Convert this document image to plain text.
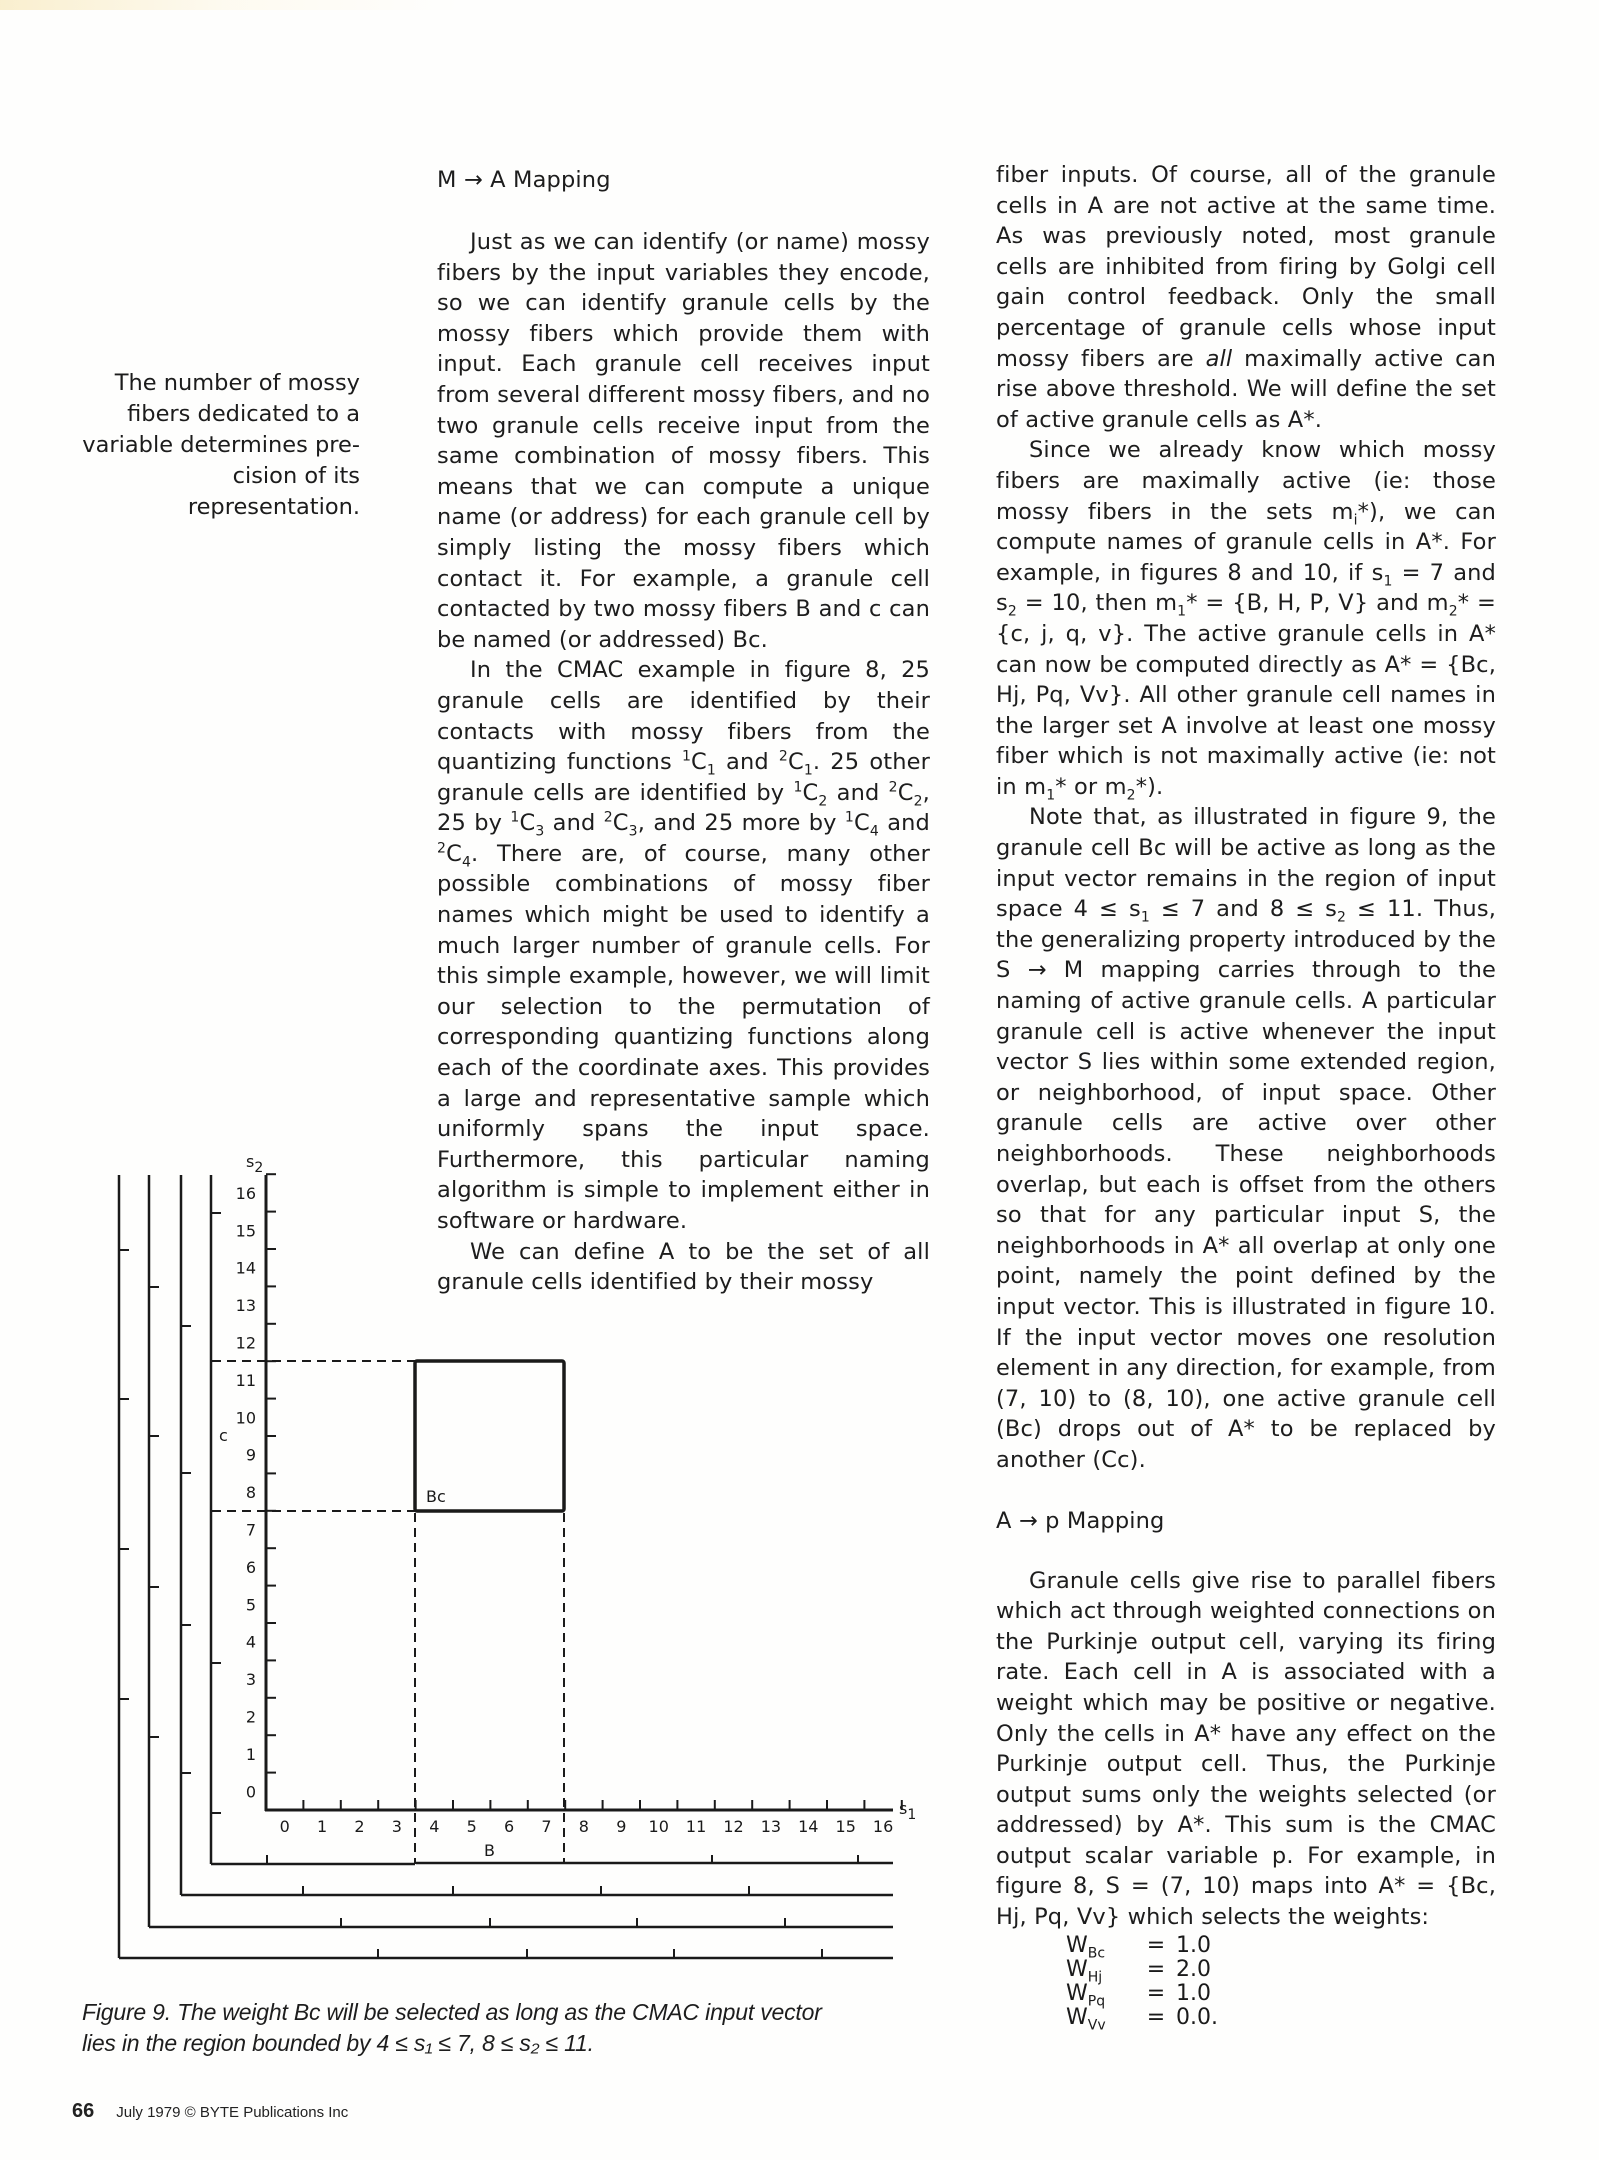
The number of mossy
fibers dedicated to a
variable determines pre-
cision of its representation.
M → A Mapping

Just as we can identify (or name) mossy fibers by the input variables they encode, so we can identify granule cells by the mossy fibers which provide them with input. Each granule cell receives input from several different mossy fibers, and no two granule cells receive input from the same combination of mossy fibers. This means that we can compute a unique name (or address) for each granule cell by simply listing the mossy fibers which contact it. For example, a granule cell contacted by two mossy fibers B and c can be named (or addressed) Bc.

In the CMAC example in figure 8, 25 granule cells are identified by their contacts with mossy fibers from the quantizing functions $^1C_1$ and $^2C_1$. 25 other granule cells are identified by $^1C_2$ and $^2C_2$, 25 by $^1C_3$ and $^2C_3$, and 25 more by $^1C_4$ and $^2C_4$. There are, of course, many other possible combinations of mossy fiber names which might be used to identify a much larger number of granule cells. For this simple example, however, we will limit our selection to the permutation of corresponding quantizing functions along each of the coordinate axes. This provides a large and representative sample which uniformly spans the input space. Furthermore, this particular naming algorithm is simple to implement either in software or hardware.

We can define A to be the set of all granule cells identified by their mossy

fiber inputs. Of course, all of the granule cells in A are not active at the same time. As was previously noted, most granule cells are inhibited from firing by Golgi cell gain control feedback. Only the small percentage of granule cells whose input mossy fibers are all maximally active can rise above threshold. We will define the set of active granule cells as A*.

Since we already know which mossy fibers are maximally active (ie: those mossy fibers in the sets $m_i*$), we can compute names of granule cells in A*. For example, in figures 8 and 10, if $s_1 = 7$ and $s_2 = 10$, then $m_1* = \{B$, H, P, V} and $m_2* = \{c$, j, q, v}. The active granule cells in A* can now be computed directly as A* = {Bc, Hj, Pq, Vv}. All other granule cell names in the larger set A involve at least one mossy fiber which is not maximally active (ie: not in $m_1*$ or $m_2*$).

Note that, as illustrated in figure 9, the granule cell Bc will be active as long as the input vector remains in the region of input space $4 \le s_1 \le 7$ and $8 \le s_2 \le 11$. Thus, the generalizing property introduced by the S → M mapping carries through to the naming of active granule cells. A particular granule cell is active whenever the input vector S lies within some extended region, or neighborhood, of input space. Other granule cells are active over other neighborhoods. These neighborhoods overlap, but each is offset from the others so that for any particular input S, the neighborhoods in A* all overlap at only one point, namely the point defined by the input vector. This is illustrated in figure 10. If the input vector moves one resolution element in any direction, for example, from (7, 10) to (8, 10), one active granule cell (Bc) drops out of A* to be replaced by another (Cc).

A → p Mapping

Granule cells give rise to parallel fibers which act through weighted connections on the Purkinje output cell, varying its firing rate. Each cell in A is associated with a weight which may be positive or negative. Only the cells in A* have any effect on the Purkinje output cell. Thus, the Purkinje output sums only the weights selected (or addressed) by A*. This sum is the CMAC output scalar variable p. For example, in figure 8, S = (7, 10) maps into A* = {Bc, Hj, Pq, Vv} which selects the weights:

$W_{Bc}$	= 1.0
$W_{Hj}$	= 2.0
$W_{Pq}$	= 1.0
$W_{Vv}$	= 0.0.
Bc
s2
s1
c
B
0
1
2
3
4
5
6
7
8
9
10
11
12
13
14
15
16
0 1 2 3 4 5 6 7 8 9 10 11 12 13 14 15 16
Figure 9. The weight Bc will be selected as long as the CMAC input vector
lies in the region bounded by 4 ≤ s₁ ≤ 7, 8 ≤ s₂ ≤ 11.
66 July 1979 © BYTE Publications Inc
